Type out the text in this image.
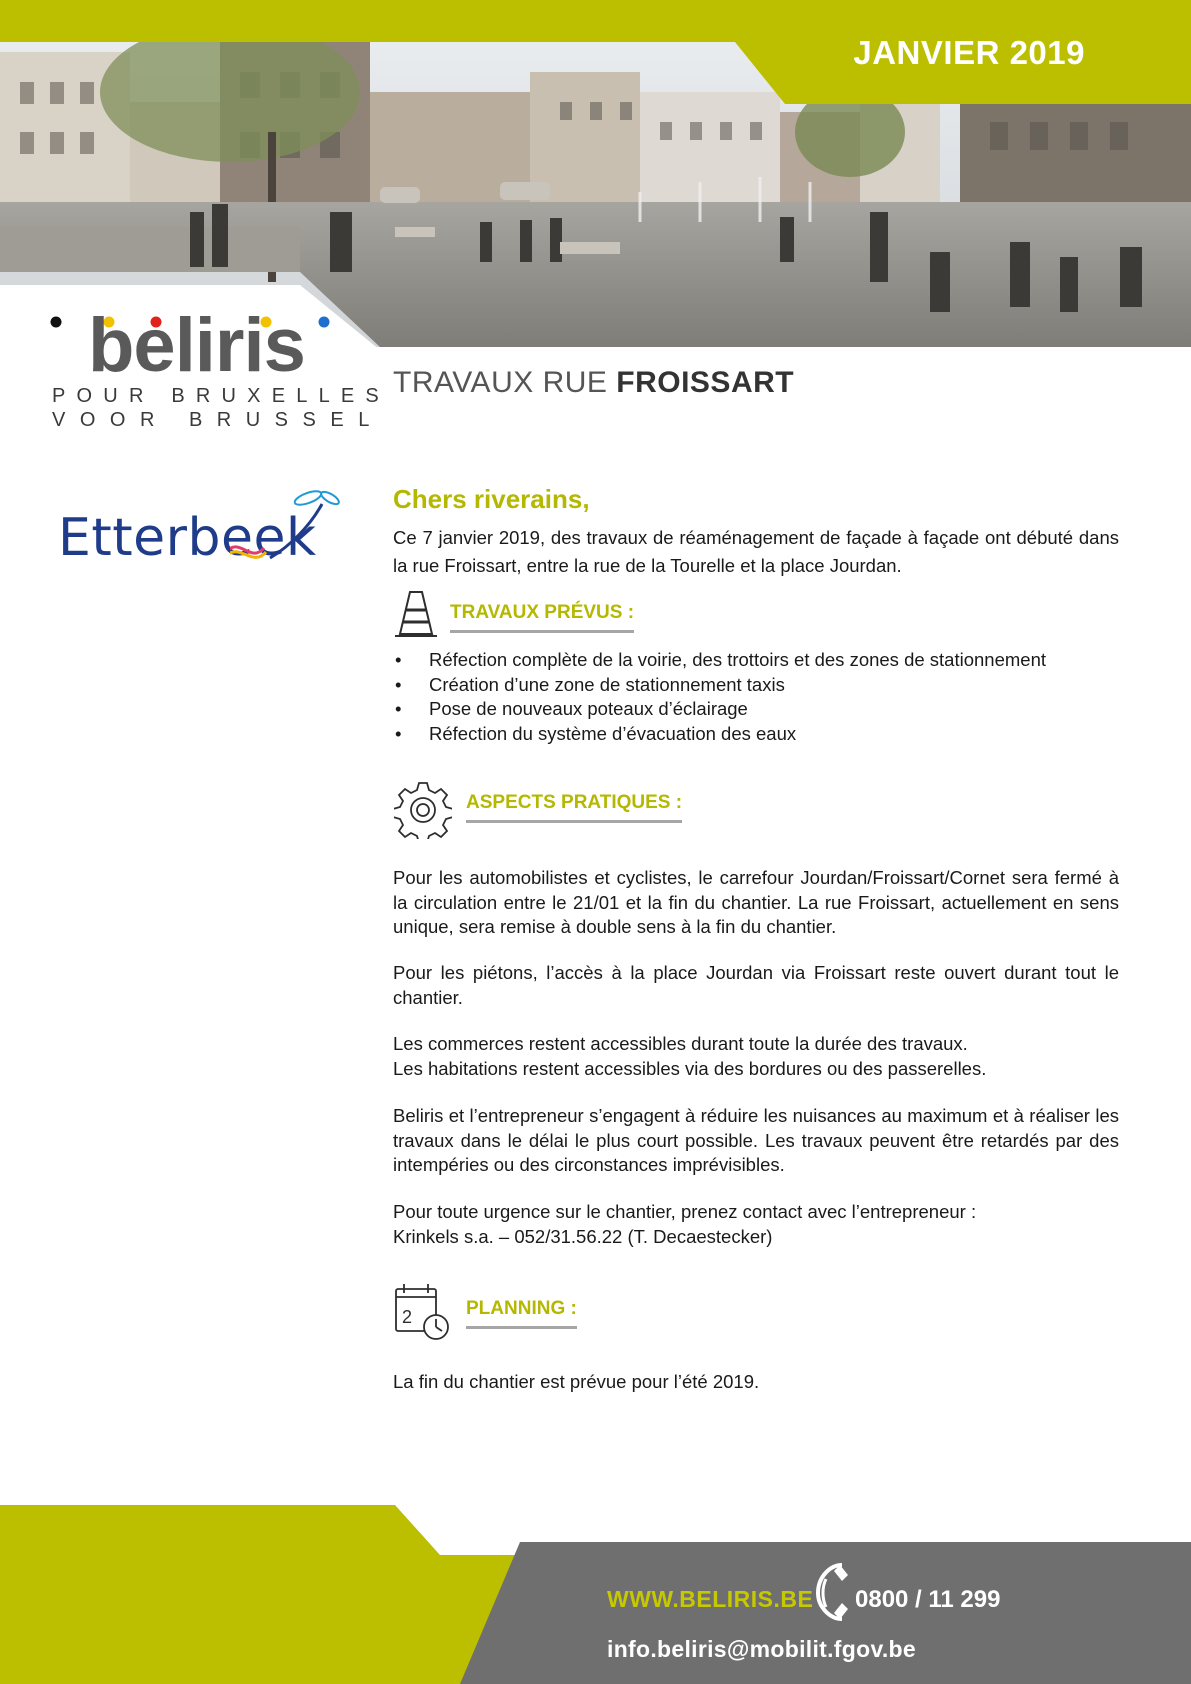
JANVIER 2019
beliris
POUR BRUXELLES
VOOR BRUSSEL
TRAVAUX RUE FROISSART
Etterbeek
Chers riverains,
Ce 7 janvier 2019, des travaux de réaménagement de façade à façade ont débuté dans la rue Froissart, entre la rue de la Tourelle et la place Jourdan.
TRAVAUX PRÉVUS :
• Réfection complète de la voirie, des trottoirs et des zones de stationnement
• Création d’une zone de stationnement taxis
• Pose de nouveaux poteaux d’éclairage
• Réfection du système d’évacuation des eaux
ASPECTS PRATIQUES :
Pour les automobilistes et cyclistes, le carrefour Jourdan/Froissart/Cornet sera fermé à la circulation entre le 21/01 et la fin du chantier. La rue Froissart, actuellement en sens unique, sera remise à double sens à la fin du chantier.
Pour les piétons, l’accès à la place Jourdan via Froissart reste ouvert durant tout le chantier.
Les commerces restent accessibles durant toute la durée des travaux.
Les habitations restent accessibles via des bordures ou des passerelles.
Beliris et l’entrepreneur s’engagent à réduire les nuisances au maximum et à réaliser les travaux dans le délai le plus court possible. Les travaux peuvent être retardés par des intempéries ou des circonstances imprévisibles.
Pour toute urgence sur le chantier, prenez contact avec l’entrepreneur :
Krinkels s.a. – 052/31.56.22 (T. Decaestecker)
2	PLANNING :
La fin du chantier est prévue pour l’été 2019.
WWW.BELIRIS.BE 0800 / 11 299
info.beliris@mobilit.fgov.be
